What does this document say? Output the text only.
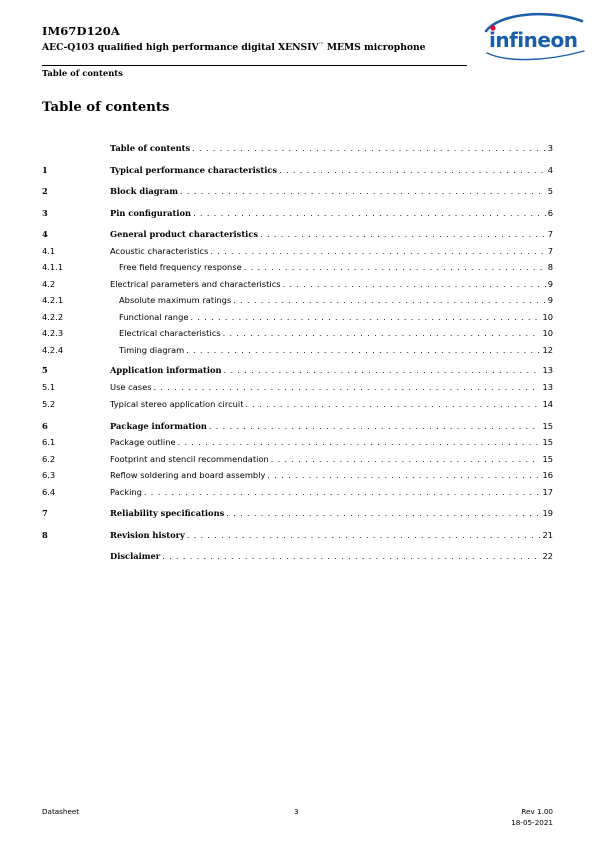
IM67D120A
AEC-Q103 qualified high performance digital XENSIV™ MEMS microphone
Table of contents
infineon
Table of contents
Table of contents . . .	3
1	Typical performance characteristics . . .	4
2	Block diagram . . .	5
3	Pin configuration . . .	6
4	General product characteristics . . .	7
4.1	Acoustic characteristics . . .	7
4.1.1	Free field frequency response . . .	8
4.2	Electrical parameters and characteristics . . .	9
4.2.1	Absolute maximum ratings . . .	9
4.2.2	Functional range . . .	10
4.2.3	Electrical characteristics . . .	10
4.2.4	Timing diagram . . .	12
5	Application information . . .	13
5.1	Use cases . . .	13
5.2	Typical stereo application circuit . . .	14
6	Package information . . .	15
6.1	Package outline . . .	15
6.2	Footprint and stencil recommendation . . .	15
6.3	Reflow soldering and board assembly . . .	16
6.4	Packing . . .	17
7	Reliability specifications . . .	19
8	Revision history . . .	21
Disclaimer . . .	22
Datasheet	3	Rev 1.00
18-05-2021
